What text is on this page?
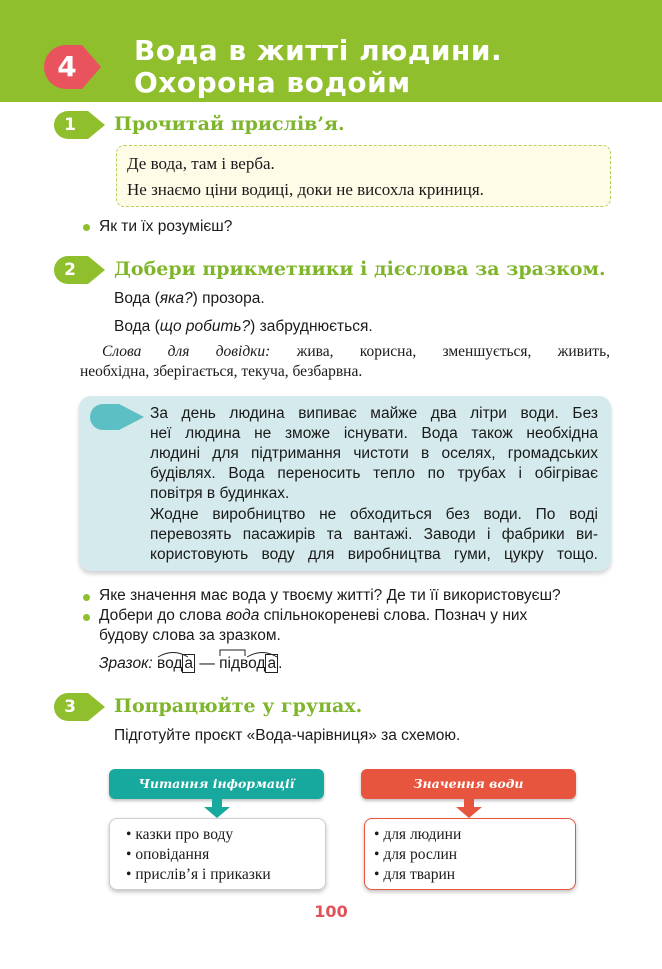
4 Вода в житті людини.
Охорона водойм
1	Прочитай прислів’я.
Де вода, там і верба.
Не знаємо ціни водиці, доки не висохла криниця.
Як ти їх розумієш?
2	Добери прикметники і дієслова за зразком.
Вода (яка?) прозора.
Вода (що робить?) забруднюється.
Слова для довідки: жива, корисна, зменшується, живить,
необхідна, зберігається, текуча, безбарвна.
За день людина випиває майже два літри води. Без
неї людина не зможе існувати. Вода також необхідна
людині для підтримання чистоти в оселях, громадських
будівлях. Вода переносить тепло по трубах і обігріває
повітря в будинках.
Жодне виробництво не обходиться без води. По воді
перевозять пасажирів та вантажі. Заводи і фабрики ви-
користовують воду для виробництва гуми, цукру тощо.
Яке значення має вода у твоєму житті? Де ти її використовуєш?
Добери до слова вода спільнокореневі слова. Познач у них
будову слова за зразком.
Зразок: вод а — підвод а .
3	Попрацюйте у групах.
Підготуйте проєкт «Вода-чарівниця» за схемою.
Читання інформації
• казки про воду
• оповідання
• прислів’я і приказки
Значення води
• для людини
• для рослин
• для тварин
100
